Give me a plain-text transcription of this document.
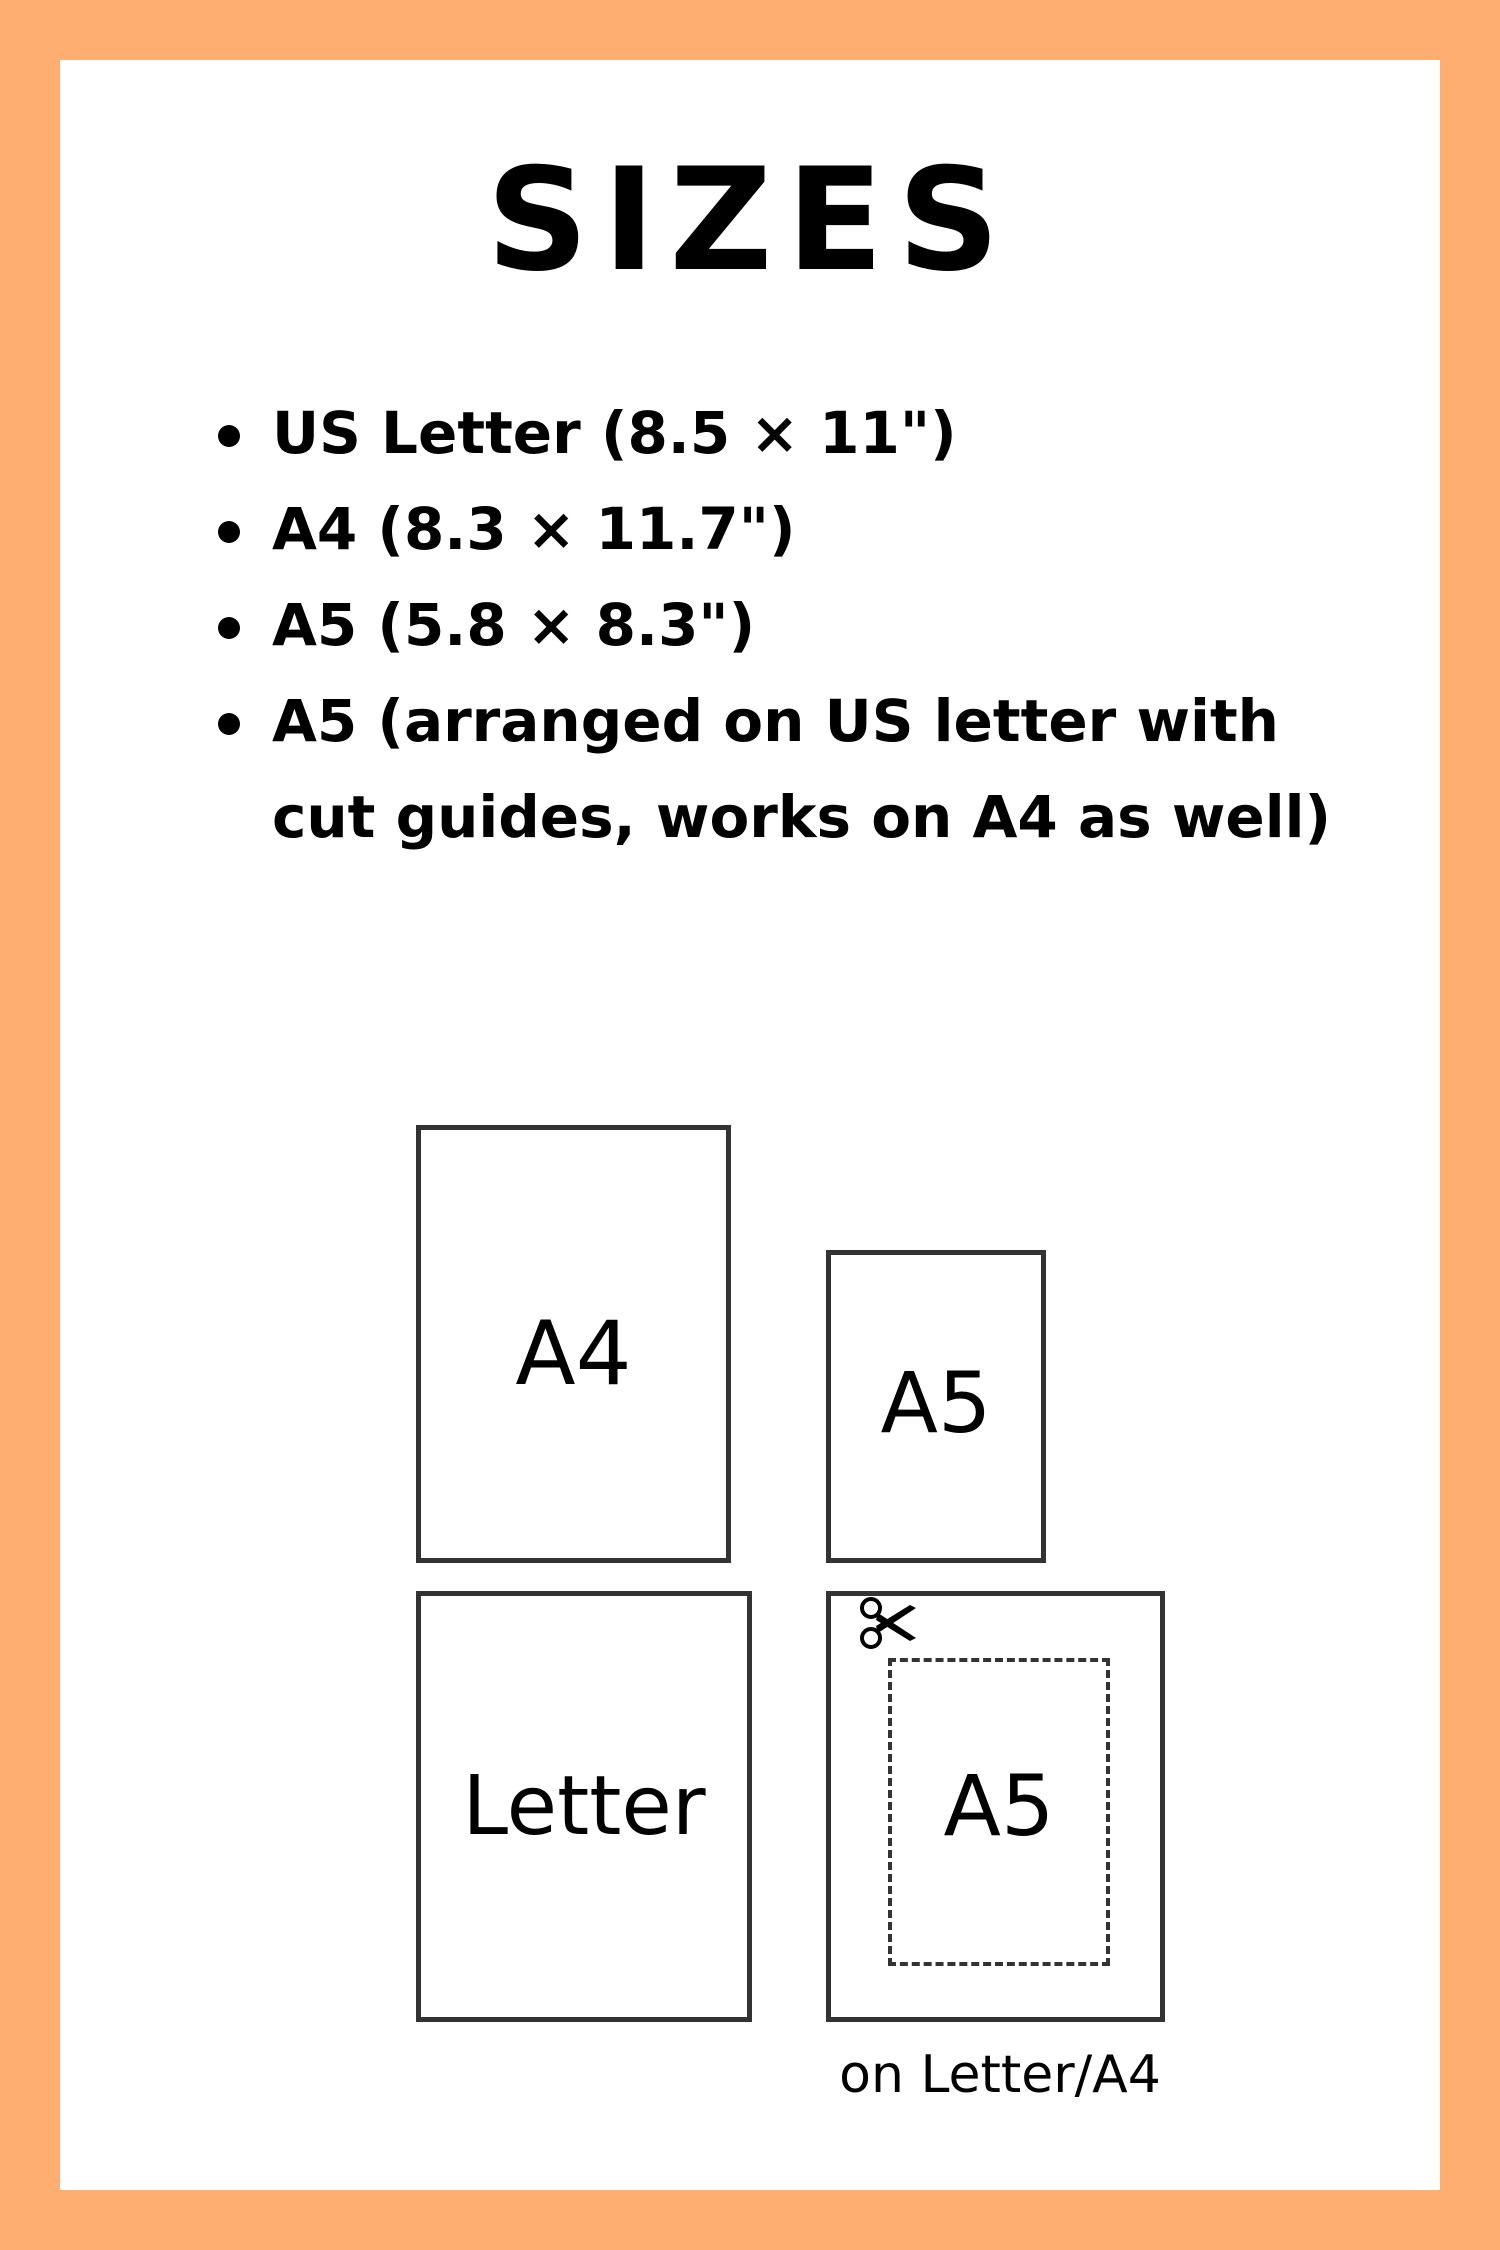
SIZES
US Letter (8.5 × 11")
A4 (8.3 × 11.7")
A5 (5.8 × 8.3")
A5 (arranged on US letter with cut guides, works on A4 as well)
A4	A5
Letter	A5
on Letter/A4
